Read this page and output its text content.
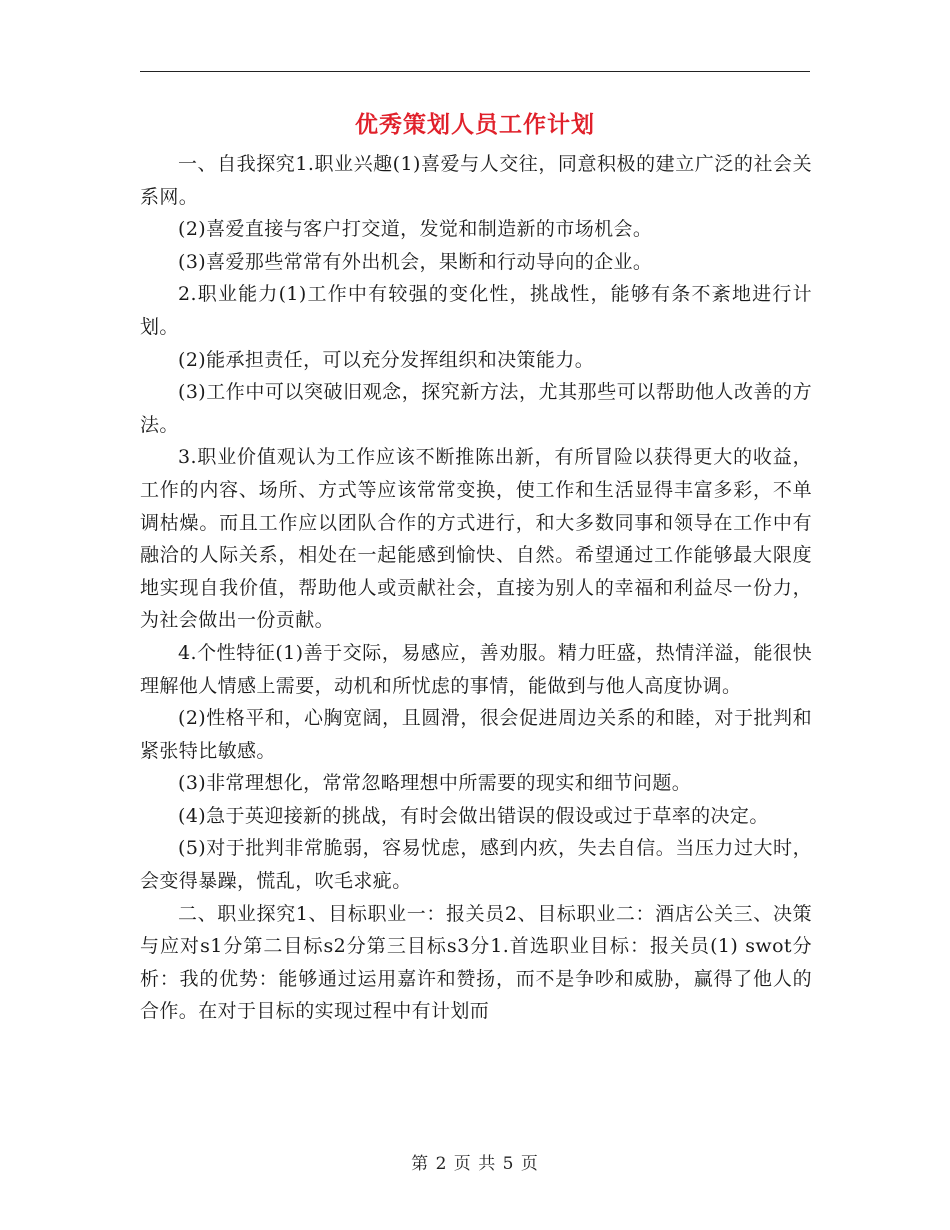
优秀策划人员工作计划

一、自我探究1.职业兴趣(1)喜爱与人交往，同意积极的建立广泛的社会关系网。

(2)喜爱直接与客户打交道，发觉和制造新的市场机会。

(3)喜爱那些常常有外出机会，果断和行动导向的企业。

2.职业能力(1)工作中有较强的变化性，挑战性，能够有条不紊地进行计划。

(2)能承担责任，可以充分发挥组织和决策能力。

(3)工作中可以突破旧观念，探究新方法，尤其那些可以帮助他人改善的方法。

3.职业价值观认为工作应该不断推陈出新，有所冒险以获得更大的收益，工作的内容、场所、方式等应该常常变换，使工作和生活显得丰富多彩，不单调枯燥。而且工作应以团队合作的方式进行，和大多数同事和领导在工作中有融洽的人际关系，相处在一起能感到愉快、自然。希望通过工作能够最大限度地实现自我价值，帮助他人或贡献社会，直接为别人的幸福和利益尽一份力，为社会做出一份贡献。

4.个性特征(1)善于交际，易感应，善劝服。精力旺盛，热情洋溢，能很快理解他人情感上需要，动机和所忧虑的事情，能做到与他人高度协调。

(2)性格平和，心胸宽阔，且圆滑，很会促进周边关系的和睦，对于批判和紧张特比敏感。

(3)非常理想化，常常忽略理想中所需要的现实和细节问题。

(4)急于英迎接新的挑战，有时会做出错误的假设或过于草率的决定。

(5)对于批判非常脆弱，容易忧虑，感到内疚，失去自信。当压力过大时，会变得暴躁，慌乱，吹毛求疵。

二、职业探究1、目标职业一：报关员2、目标职业二：酒店公关三、决策与应对s1分第二目标s2分第三目标s3分1.首选职业目标：报关员(1) swot分析：我的优势：能够通过运用嘉许和赞扬，而不是争吵和威胁，赢得了他人的合作。在对于目标的实现过程中有计划而

第 2 页 共 5 页
